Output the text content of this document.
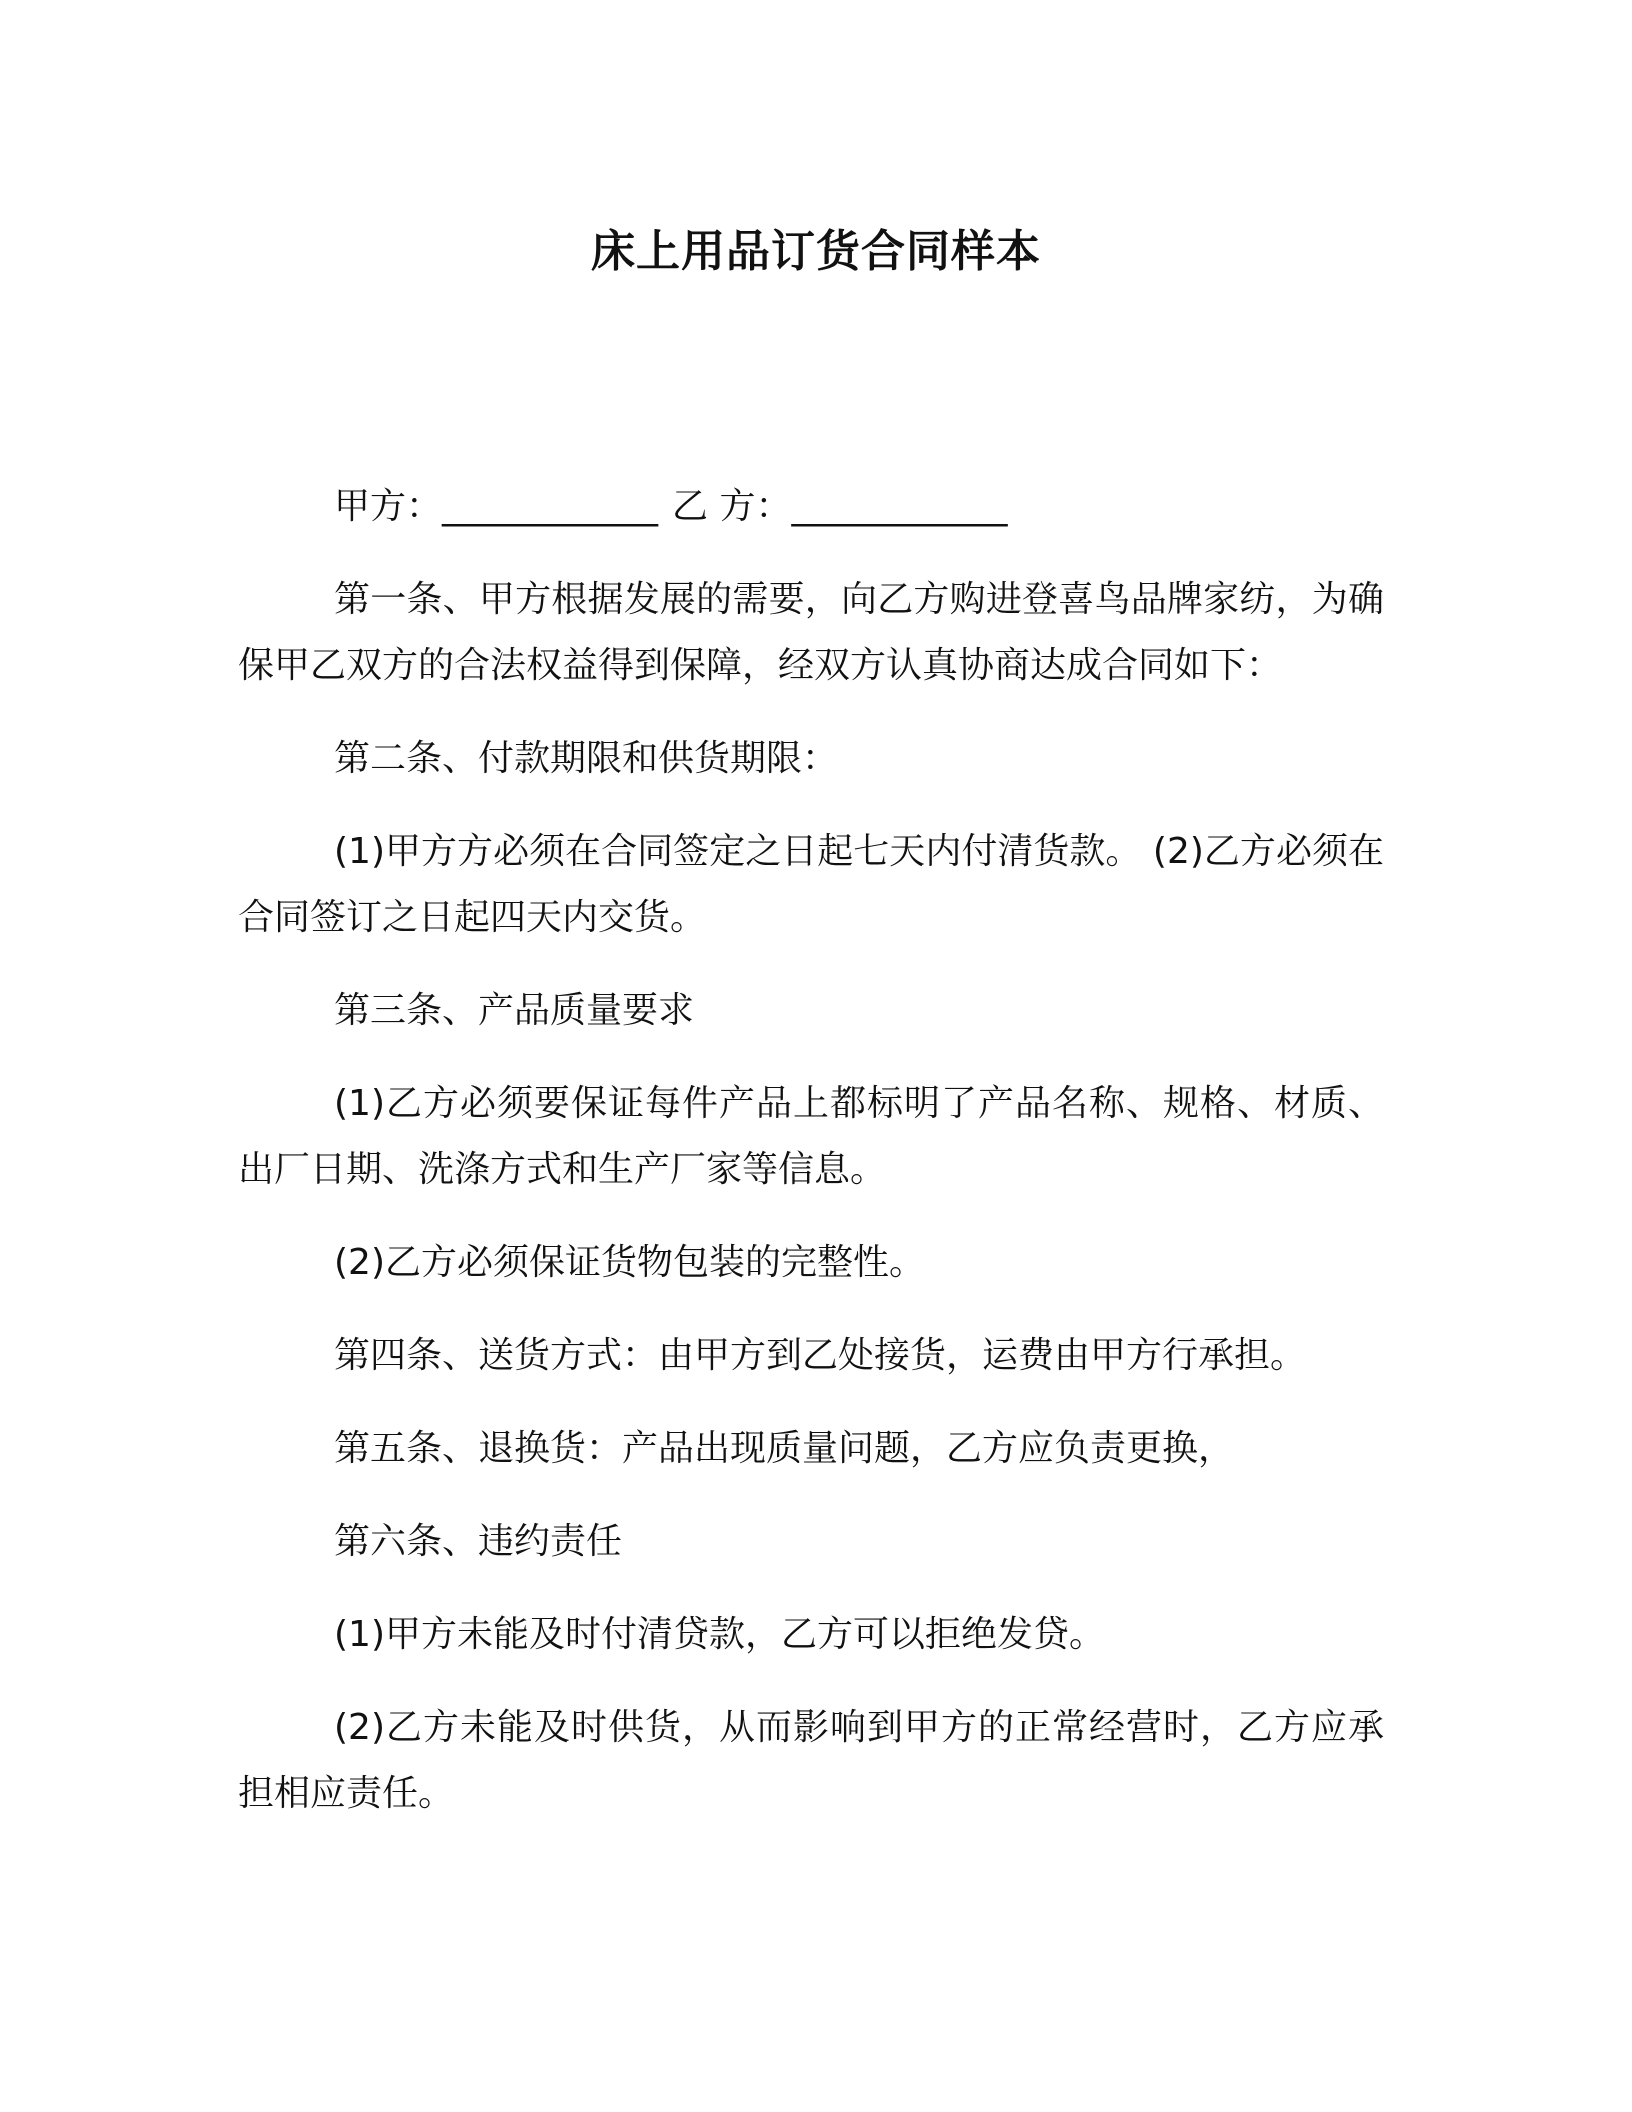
床上用品订货合同样本
甲方：____________ 乙 方：____________

第一条、甲方根据发展的需要，向乙方购进登喜鸟品牌家纺，为确保甲乙双方的合法权益得到保障，经双方认真协商达成合同如下：

第二条、付款期限和供货期限：

(1)甲方方必须在合同签定之日起七天内付清货款。 (2)乙方必须在合同签订之日起四天内交货。

第三条、产品质量要求

(1)乙方必须要保证每件产品上都标明了产品名称、规格、材质、出厂日期、洗涤方式和生产厂家等信息。

(2)乙方必须保证货物包装的完整性。

第四条、送货方式：由甲方到乙处接货，运费由甲方行承担。

第五条、退换货：产品出现质量问题，乙方应负责更换，

第六条、违约责任

(1)甲方未能及时付清贷款，乙方可以拒绝发贷。

(2)乙方未能及时供货，从而影响到甲方的正常经营时，乙方应承担相应责任。
